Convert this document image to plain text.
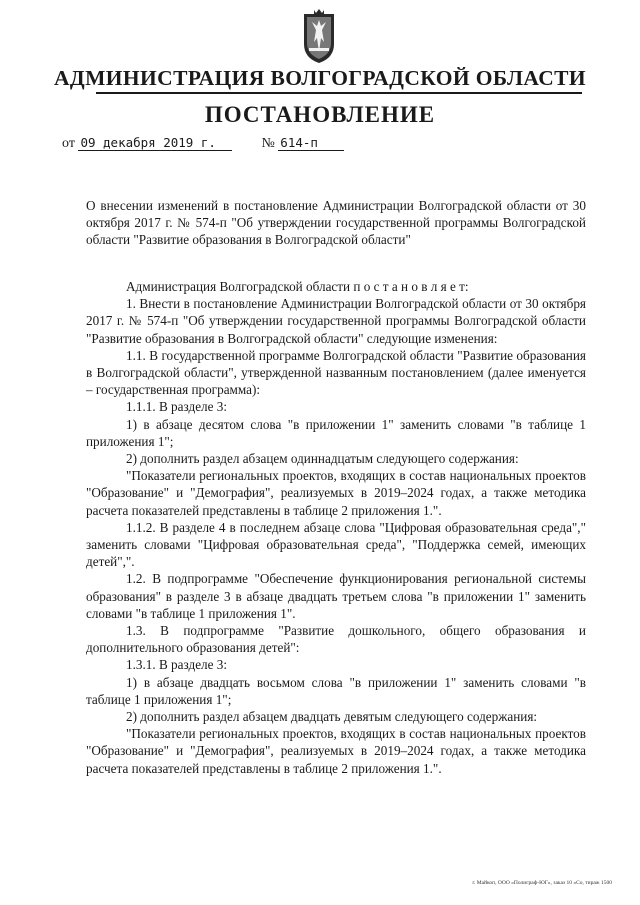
АДМИНИСТРАЦИЯ ВОЛГОГРАДСКОЙ ОБЛАСТИ
ПОСТАНОВЛЕНИЕ
от 09 декабря 2019 г.	№ 614-п
О внесении изменений в постановление Администрации Волгоградской области от 30 октября 2017 г. № 574-п "Об утверждении государственной программы Волгоградской области "Развитие образования в Волгоградской области"

Администрация Волгоградской области п о с т а н о в л я е т:

1. Внести в постановление Администрации Волгоградской области от 30 октября 2017 г. № 574-п "Об утверждении государственной программы Волгоградской области "Развитие образования в Волгоградской области" следующие изменения:

1.1. В государственной программе Волгоградской области "Развитие образования в Волгоградской области", утвержденной названным постановлением (далее именуется – государственная программа):

1.1.1. В разделе 3:

1) в абзаце десятом слова "в приложении 1" заменить словами "в таблице 1 приложения 1";

2) дополнить раздел абзацем одиннадцатым следующего содержания:

"Показатели региональных проектов, входящих в состав национальных проектов "Образование" и "Демография", реализуемых в 2019–2024 годах, а также методика расчета показателей представлены в таблице 2 приложения 1.".

1.1.2. В разделе 4 в последнем абзаце слова "Цифровая образовательная среда"," заменить словами "Цифровая образовательная среда", "Поддержка семей, имеющих детей",".

1.2. В подпрограмме "Обеспечение функционирования региональной системы образования" в разделе 3 в абзаце двадцать третьем слова "в приложении 1" заменить словами "в таблице 1 приложения 1".

1.3. В подпрограмме "Развитие дошкольного, общего образования и дополнительного образования детей":

1.3.1. В разделе 3:

1) в абзаце двадцать восьмом слова "в приложении 1" заменить словами "в таблице 1 приложения 1";

2) дополнить раздел абзацем двадцать девятым следующего содержания:

"Показатели региональных проектов, входящих в состав национальных проектов "Образование" и "Демография", реализуемых в 2019–2024 годах, а также методика расчета показателей представлены в таблице 2 приложения 1.".

г. Майкоп, ООО «Полиграф-ЮГ», заказ 10 «Со, тираж 1500
